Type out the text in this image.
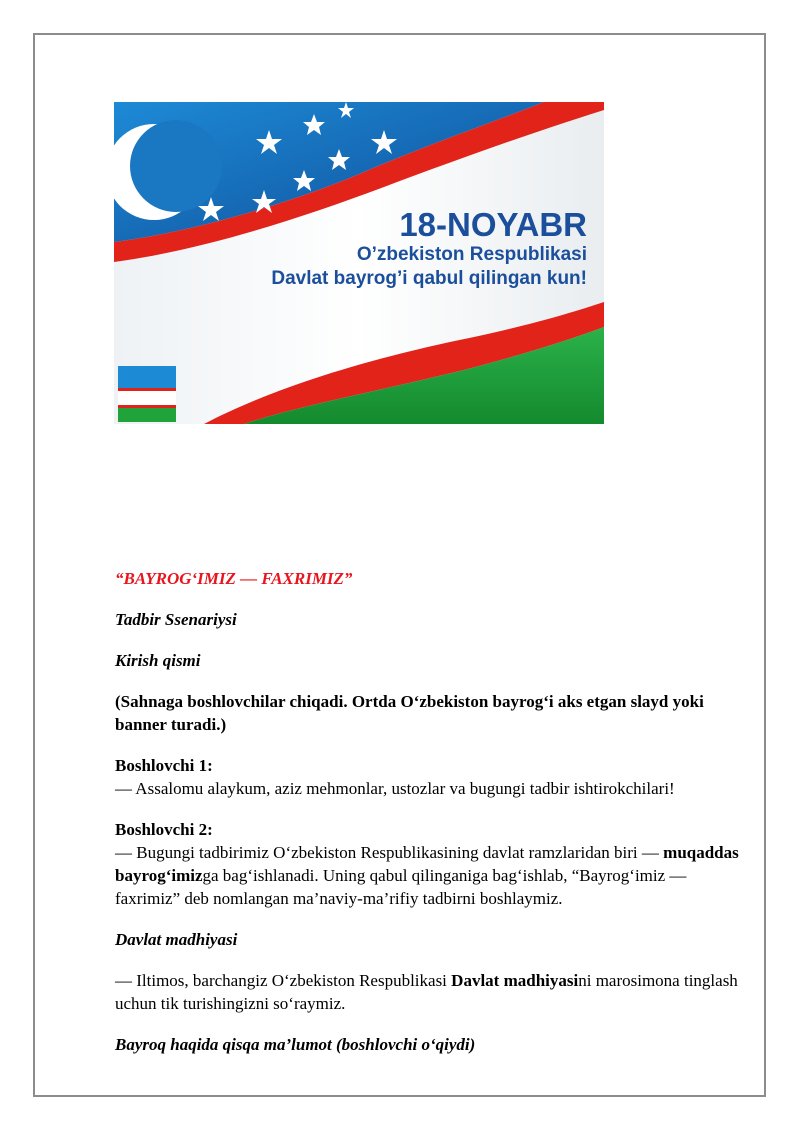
18-NOYABR
O’zbekiston Respublikasi
Davlat bayrog’i qabul qilingan kun!

“BAYROG‘IMIZ — FAXRIMIZ”

Tadbir Ssenariysi

Kirish qismi

(Sahnaga boshlovchilar chiqadi. Ortda O‘zbekiston bayrog‘i aks etgan slayd yoki banner turadi.)

Boshlovchi 1:
— Assalomu alaykum, aziz mehmonlar, ustozlar va bugungi tadbir ishtirokchilari!

Boshlovchi 2:
— Bugungi tadbirimiz O‘zbekiston Respublikasining davlat ramzlaridan biri — muqaddas bayrog‘imizga bag‘ishlanadi. Uning qabul qilinganiga bag‘ishlab, “Bayrog‘imiz — faxrimiz” deb nomlangan ma’naviy-ma’rifiy tadbirni boshlaymiz.

Davlat madhiyasi

— Iltimos, barchangiz O‘zbekiston Respublikasi Davlat madhiyasini marosimona tinglash uchun tik turishingizni so‘raymiz.

Bayroq haqida qisqa ma’lumot (boshlovchi o‘qiydi)
